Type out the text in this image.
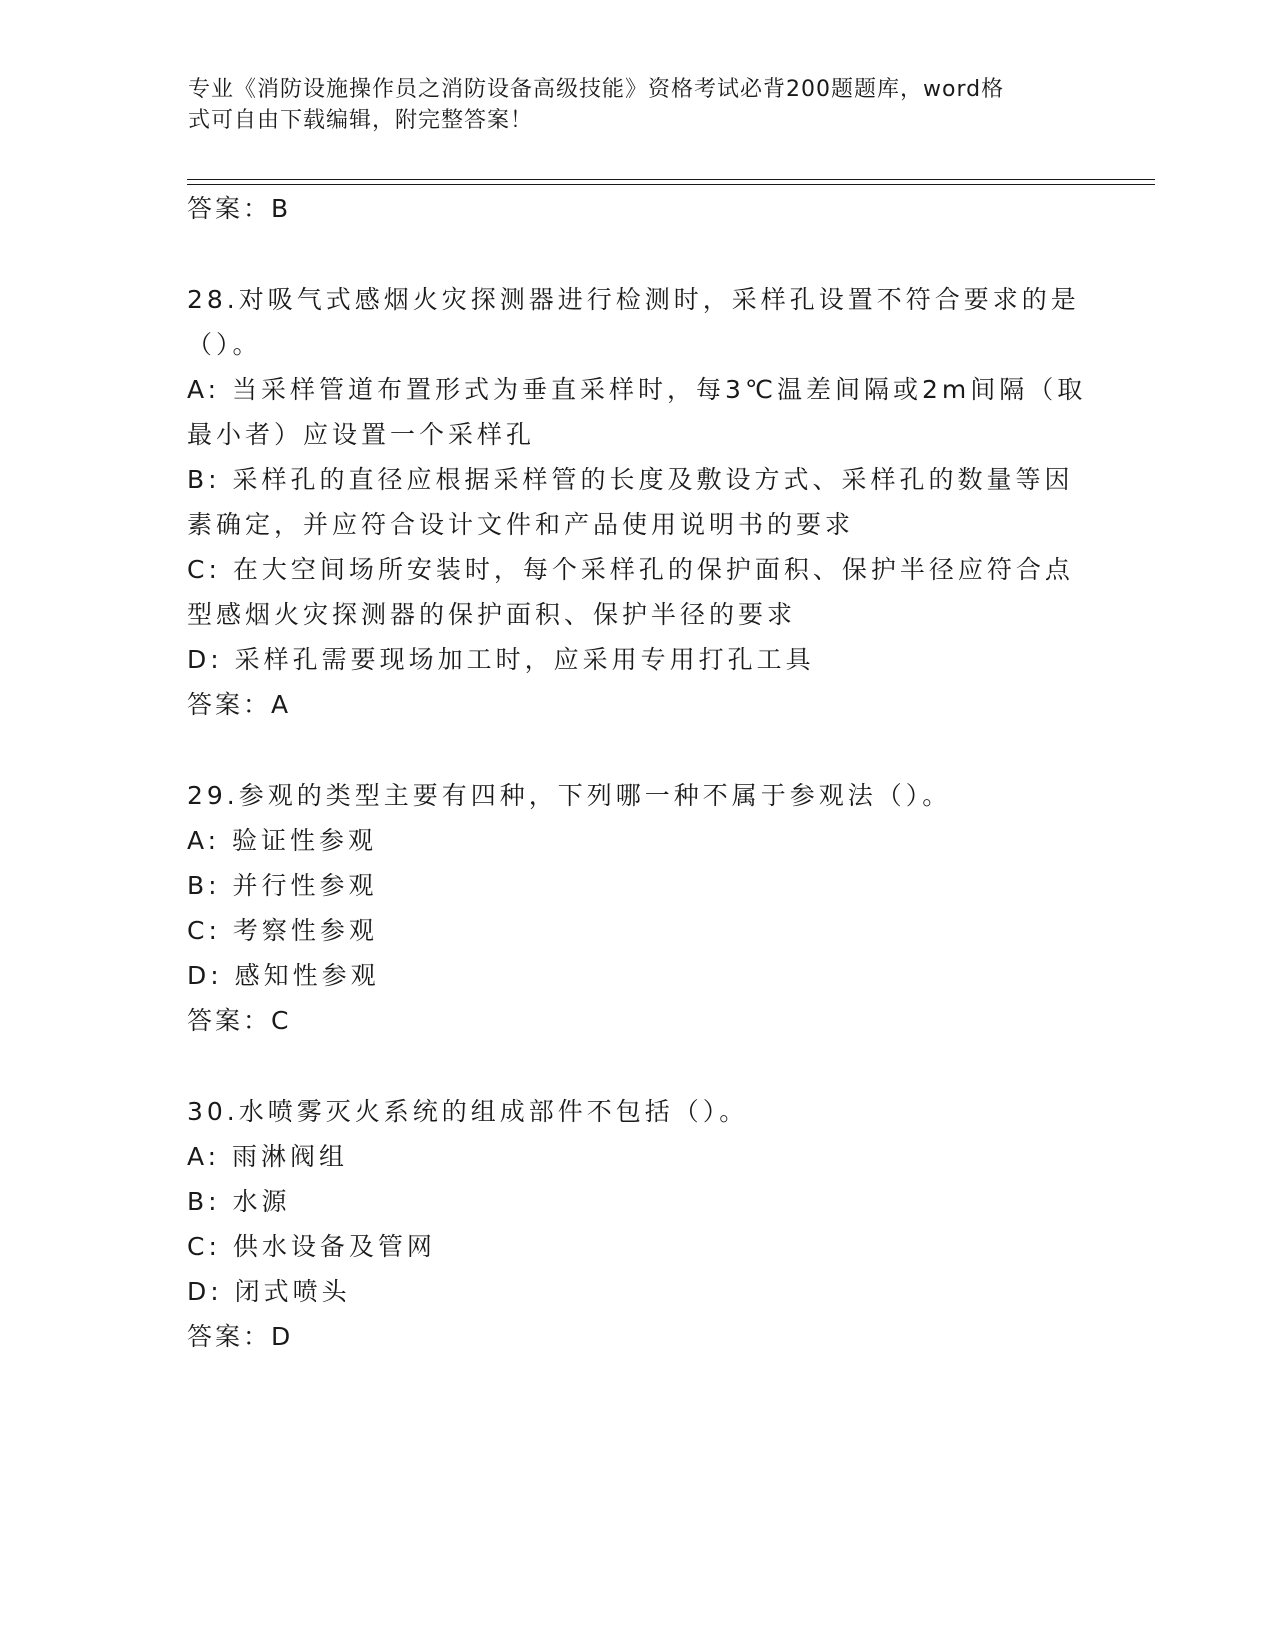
专业《消防设施操作员之消防设备高级技能》资格考试必背200题题库，word格
式可自由下载编辑，附完整答案！
答案：B
28.对吸气式感烟火灾探测器进行检测时，采样孔设置不符合要求的是
（）。
A: 当采样管道布置形式为垂直采样时，每3℃温差间隔或2m间隔（取
最小者）应设置一个采样孔
B: 采样孔的直径应根据采样管的长度及敷设方式、采样孔的数量等因
素确定，并应符合设计文件和产品使用说明书的要求
C: 在大空间场所安装时，每个采样孔的保护面积、保护半径应符合点
型感烟火灾探测器的保护面积、保护半径的要求
D: 采样孔需要现场加工时，应采用专用打孔工具
答案：A
29.参观的类型主要有四种，下列哪一种不属于参观法（）。
A: 验证性参观
B: 并行性参观
C: 考察性参观
D: 感知性参观
答案：C
30.水喷雾灭火系统的组成部件不包括（）。
A: 雨淋阀组
B: 水源
C: 供水设备及管网
D: 闭式喷头
答案：D
